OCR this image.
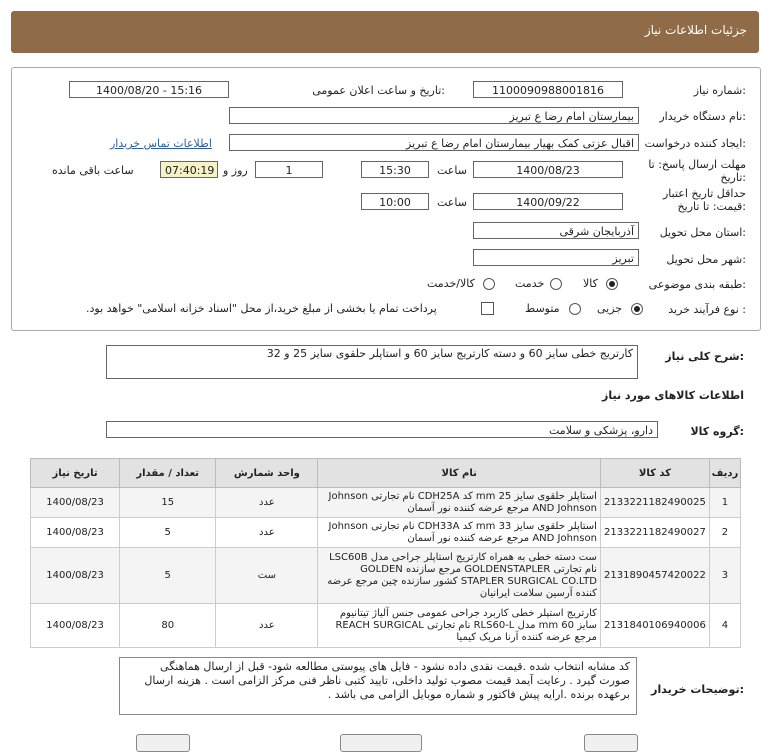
جزئیات اطلاعات نیاز
شماره نیاز:
1100090988001816
تاریخ و ساعت اعلان عمومی:
1400/08/20 - 15:16
نام دستگاه خریدار:
بیمارستان امام رضا ع تبریز
ایجاد کننده درخواست:
اقبال عزتی کمک بهیار بیمارستان امام رضا ع تبریز
اطلاعات تماس خریدار
مهلت ارسال پاسخ: تا تاریخ:
1400/08/23
ساعت
15:30
1
روز و
07:40:19
ساعت باقی مانده
حداقل تاریخ اعتبار قیمت: تا تاریخ:
1400/09/22
ساعت
10:00
استان محل تحویل:
آذربایجان شرقی
شهر محل تحویل:
تبریز
طبقه بندی موضوعی:
کالا
خدمت
کالا/خدمت
نوع فرآیند خرید :
جزیی
متوسط
پرداخت تمام یا بخشی از مبلغ خرید،از محل "اسناد خزانه اسلامی" خواهد بود.
شرح کلی نیاز:
کارتریج خطی سایز 60 و دسته کارتریج سایز 60 و استاپلر حلقوی سایز 25 و 32
اطلاعات کالاهای مورد نیاز
گروه کالا:
دارو، پزشکی و سلامت
تاریخ نیاز	تعداد / مقدار	واحد شمارش	نام کالا	کد کالا	ردیف
1400/08/23	15	عدد	استاپلر حلقوی سایز 25 mm کد CDH25A نام تجارتی Johnson AND Johnson مرجع عرضه کننده نور آسمان	2133221182490025	1
1400/08/23	5	عدد	استاپلر حلقوی سایز 33 mm کد CDH33A نام تجارتی Johnson AND Johnson مرجع عرضه کننده نور آسمان	2133221182490027	2
1400/08/23	5	ست	ست دسته خطی به همراه کارتریج استاپلر جراحی مدل LSC60B نام تجارتی GOLDENSTAPLER مرجع سازنده GOLDEN STAPLER SURGICAL CO.LTD کشور سازنده چین مرجع عرضه کننده آرسین سلامت ایرانیان	2131890457420022	3
1400/08/23	80	عدد	کارتریج استپلر خطی کاربرد جراحی عمومی جنس آلیاژ تیتانیوم سایز 60 mm مدل RLS60-L نام تجارتی REACH SURGICAL مرجع عرضه کننده آرنا مریک کیمیا	2131840106940006	4
توضیحات خریدار:
کد مشابه انتخاب شده .قیمت نقدی داده نشود - فایل های پیوستی مطالعه شود- قبل از ارسال هماهنگی صورت گیرد . رعایت آیمد قیمت مصوب تولید داخلی، تایید کتبی ناظر فنی مرکز الزامی است . هزینه ارسال برعهده برنده .ارایه پیش فاکتور و شماره موبایل الزامی می باشد .
